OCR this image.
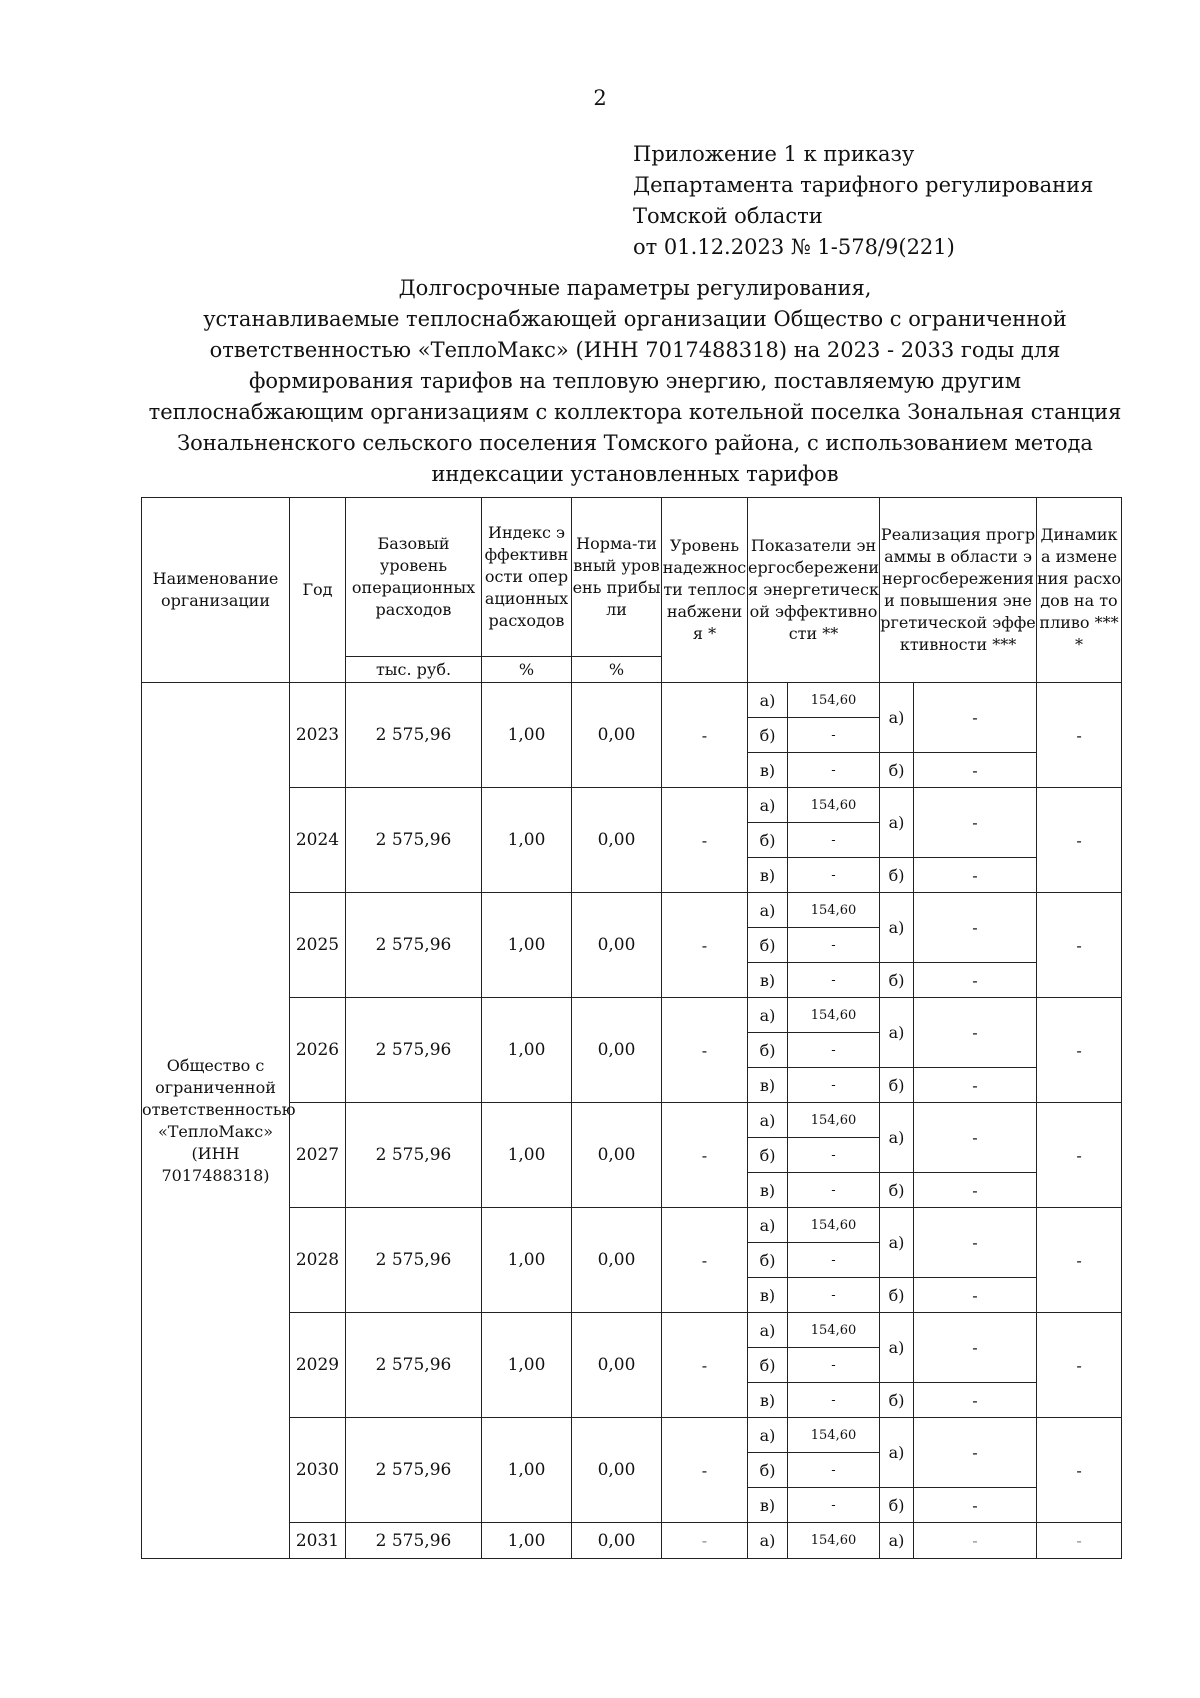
2
Приложение 1 к приказу
Департамента тарифного регулирования
Томской области
от 01.12.2023 № 1-578/9(221)
Долгосрочные параметры регулирования,
устанавливаемые теплоснабжающей организации Общество с ограниченной
ответственностью «ТеплоМакс» (ИНН 7017488318) на 2023 - 2033 годы для
формирования тарифов на тепловую энергию, поставляемую другим
теплоснабжающим организациям с коллектора котельной поселка Зональная станция
Зональненского сельского поселения Томского района, с использованием метода
индексации установленных тарифов
Наименование организации	Год	Базовый уровень операционных расходов	Индекс эффективности операционных расходов	Норма-тивный уровень прибыли	Уровень надежности теплоснабжения *	Показатели энергосбережения энергетической эффективности **		Реализация программы в области энергосбережения и повышения энергетической эффективности ***		Динамика изменения расходов на топливо ****
		тыс. руб.	%	%						
Общество с ограниченной ответственностью «ТеплоМакс» (ИНН 7017488318)	2023	2 575,96	1,00	0,00	-	а)	154,60	а)	-	-
						б)	-			
						в)	-	б)	-	
	2024	2 575,96	1,00	0,00	-	а)	154,60	а)	-	-
						б)	-			
						в)	-	б)	-	
	2025	2 575,96	1,00	0,00	-	а)	154,60	а)	-	-
						б)	-			
						в)	-	б)	-	
	2026	2 575,96	1,00	0,00	-	а)	154,60	а)	-	-
						б)	-			
						в)	-	б)	-	
	2027	2 575,96	1,00	0,00	-	а)	154,60	а)	-	-
						б)	-			
						в)	-	б)	-	
	2028	2 575,96	1,00	0,00	-	а)	154,60	а)	-	-
						б)	-			
						в)	-	б)	-	
	2029	2 575,96	1,00	0,00	-	а)	154,60	а)	-	-
						б)	-			
						в)	-	б)	-	
	2030	2 575,96	1,00	0,00	-	а)	154,60	а)	-	-
						б)	-			
						в)	-	б)	-	
	2031	2 575,96	1,00	0,00	-	а)	154,60	а)	-	-
